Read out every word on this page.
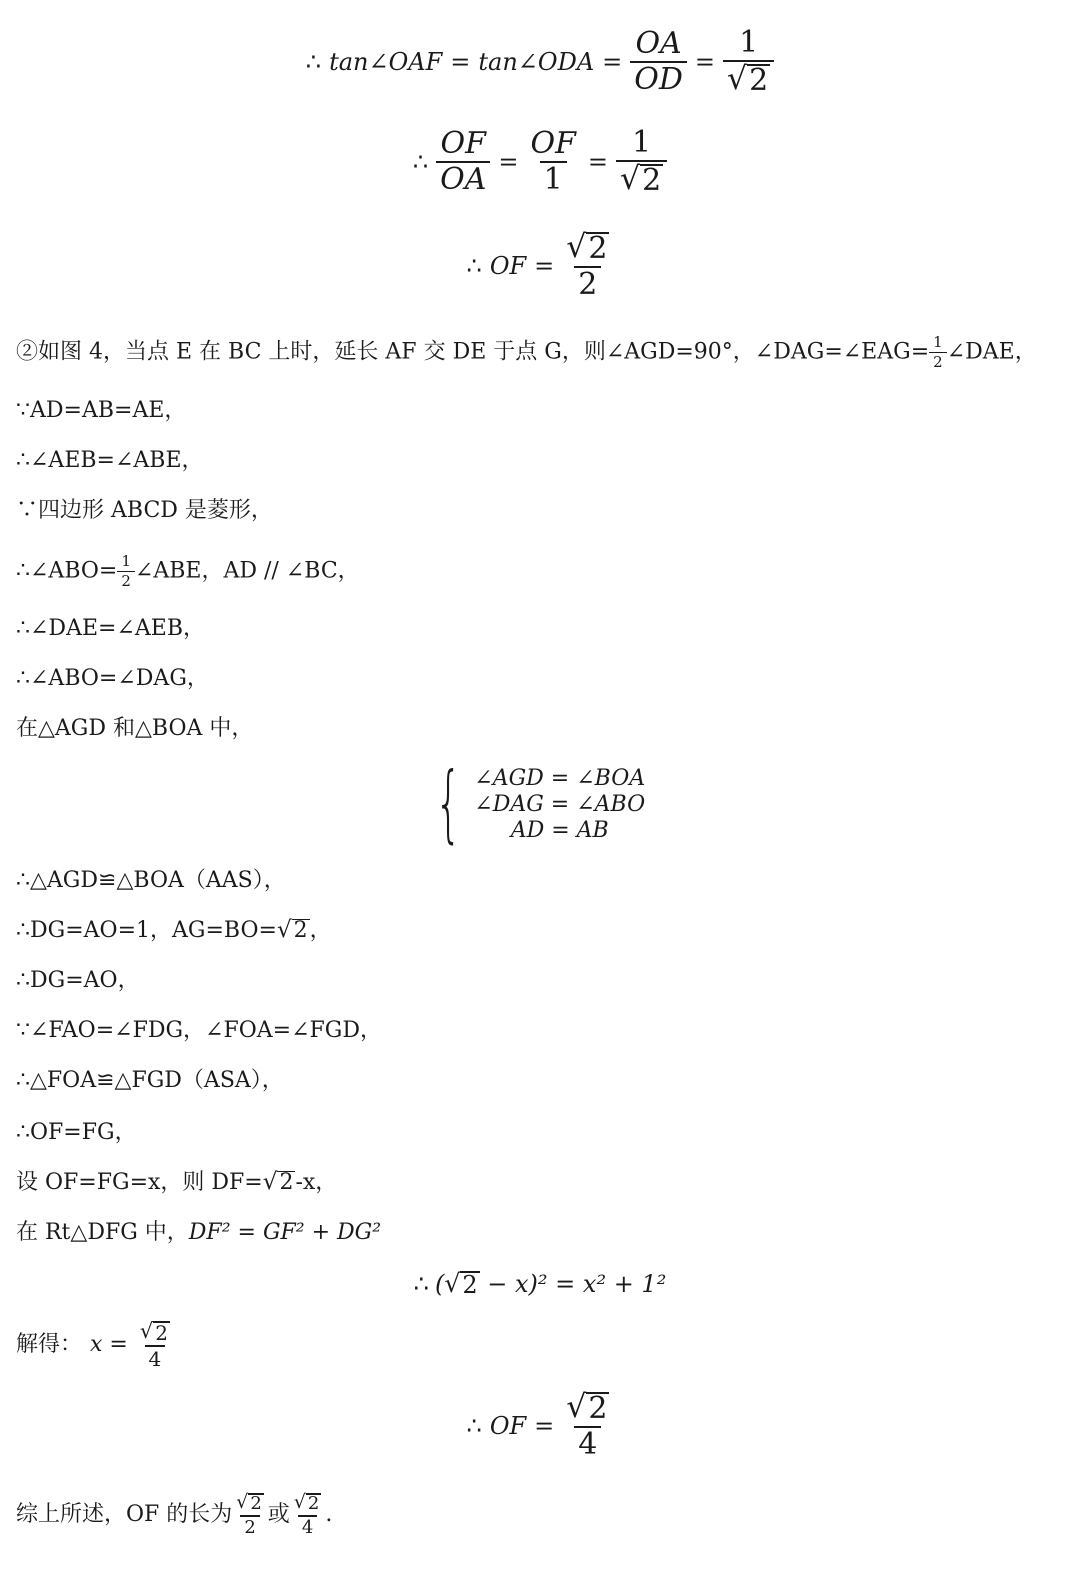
∴ tan∠OAF = tan∠ODA = $\frac{OA}{OD} = \frac{1}{√ 2}$
∴ $\frac{OF}{OA} = \frac{OF}{1} = \frac{1}{√ 2}$
∴ OF = $\frac{√ 2}{2}$
②如图 4，当点 E 在 BC 上时，延长 AF 交 DE 于点 G，则∠AGD=90°，∠DAG=∠EAG= $\frac{1}{2}$ ∠DAE，
∵AD=AB=AE，
∴∠AEB=∠ABE，
∵四边形 ABCD 是菱形，
∴∠ABO= $\frac{1}{2}$ ∠ABE，AD // ∠BC，
∴∠DAE=∠AEB，
∴∠ABO=∠DAG，
在△AGD 和△BOA 中，
{ ∠AGD = ∠BOA
∠DAG = ∠ABO
AD = AB
∴△AGD≌△BOA（AAS），
∴DG=AO=1，AG=BO= √ 2 ，
∴DG=AO，
∵∠FAO=∠FDG，∠FOA=∠FGD，
∴△FOA≌△FGD（ASA），
∴OF=FG，
设 OF=FG=x，则 DF= √ 2 -x，
在 Rt△DFG 中，DF² = GF² + DG²
∴ ( √ 2 − x)² = x² + 1²
解得： $x = \frac{√ 2}{4}$
∴ OF = $\frac{√ 2}{4}$
综上所述，OF 的长为 $\frac{√ 2}{2}$ 或 $\frac{√ 2}{4}$ .
